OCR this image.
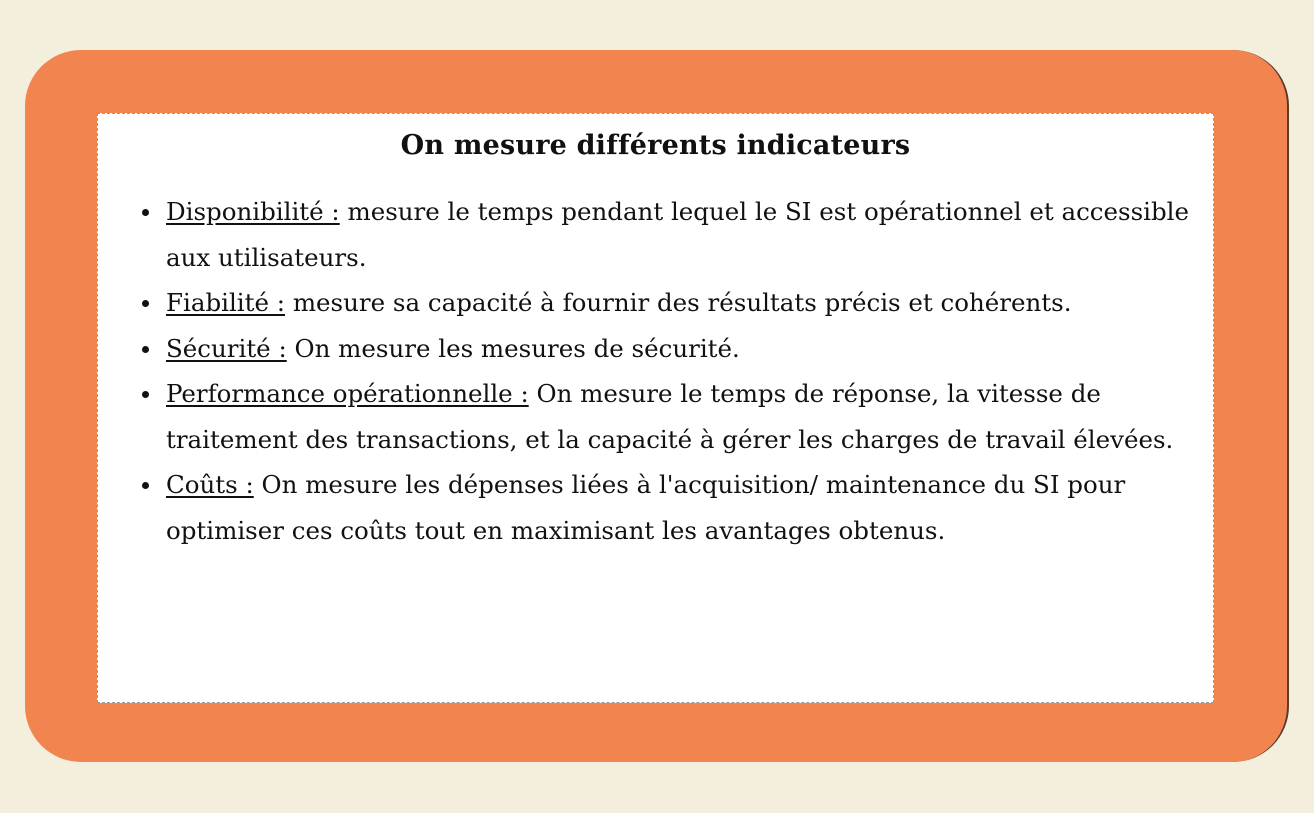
On mesure différents indicateurs
Disponibilité : mesure le temps pendant lequel le SI est opérationnel et accessible aux utilisateurs.
Fiabilité : mesure sa capacité à fournir des résultats précis et cohérents.
Sécurité : On mesure les mesures de sécurité.
Performance opérationnelle : On mesure le temps de réponse, la vitesse de traitement des transactions, et la capacité à gérer les charges de travail élevées.
Coûts : On mesure les dépenses liées à l'acquisition/ maintenance du SI pour optimiser ces coûts tout en maximisant les avantages obtenus.
